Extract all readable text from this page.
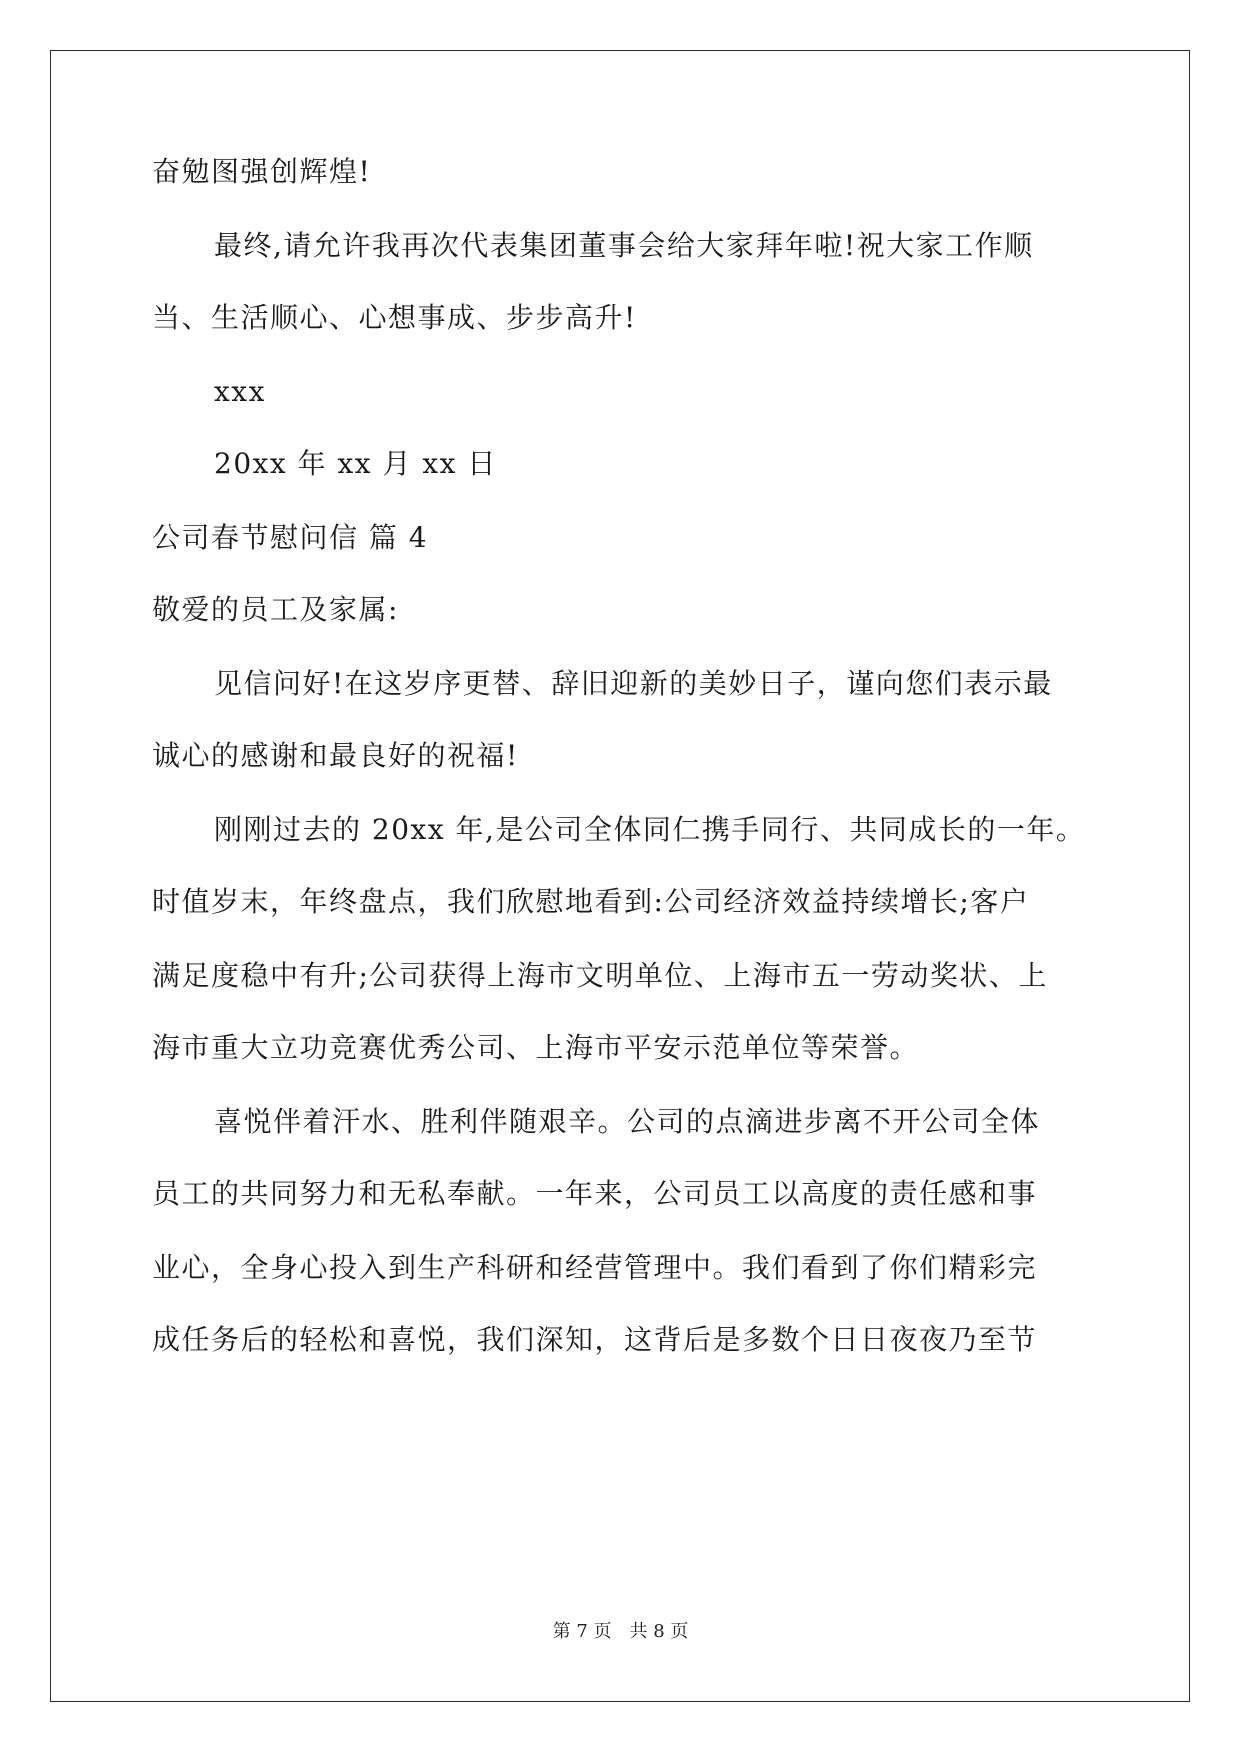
奋勉图强创辉煌!
最终,请允许我再次代表集团董事会给大家拜年啦!祝大家工作顺
当、生活顺心、心想事成、步步高升!
xxx
20xx 年 xx 月 xx 日
公司春节慰问信 篇 4
敬爱的员工及家属:
见信问好!在这岁序更替、辞旧迎新的美妙日子，谨向您们表示最
诚心的感谢和最良好的祝福!
刚刚过去的 20xx 年,是公司全体同仁携手同行、共同成长的一年。
时值岁末，年终盘点，我们欣慰地看到:公司经济效益持续增长;客户
满足度稳中有升;公司获得上海市文明单位、上海市五一劳动奖状、上
海市重大立功竞赛优秀公司、上海市平安示范单位等荣誉。
喜悦伴着汗水、胜利伴随艰辛。公司的点滴进步离不开公司全体
员工的共同努力和无私奉献。一年来，公司员工以高度的责任感和事
业心，全身心投入到生产科研和经营管理中。我们看到了你们精彩完
成任务后的轻松和喜悦，我们深知，这背后是多数个日日夜夜乃至节
第 7 页　共 8 页
